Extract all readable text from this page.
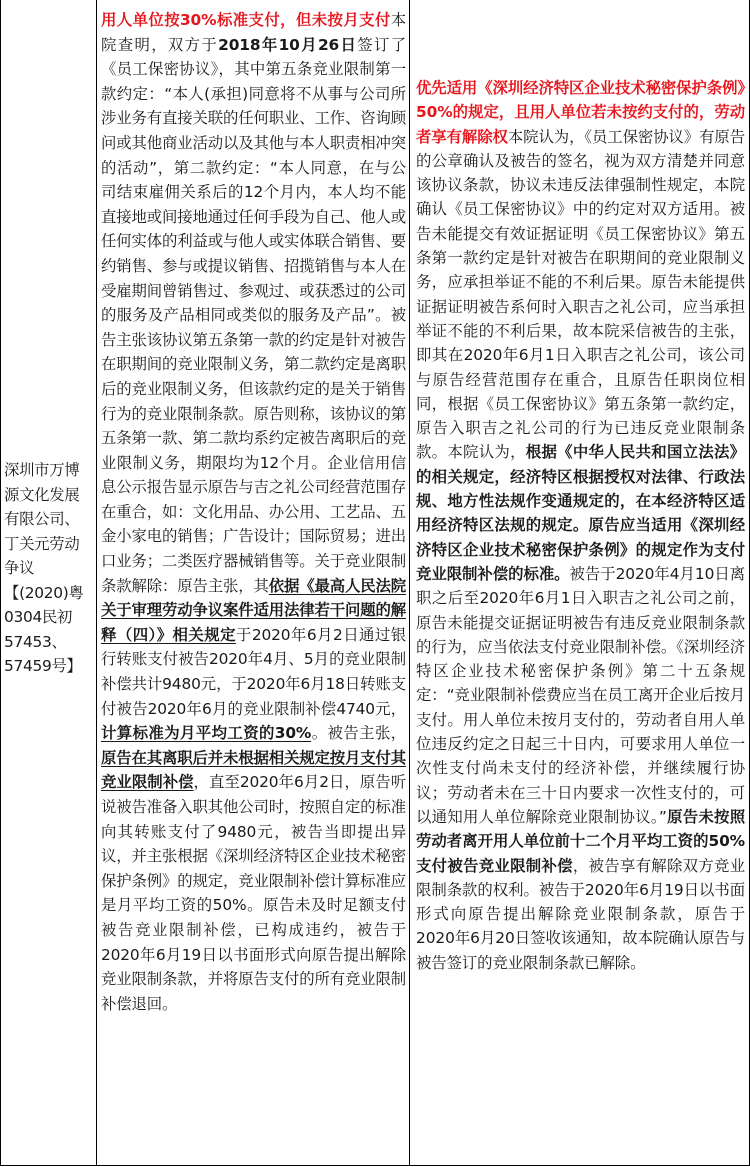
深圳市万博源文化发展有限公司、丁关元劳动争议【(2020)粤0304民初57453、57459号】
用人单位按30%标准支付，但未按月支付本院查明，双方于2018年10月26日签订了《员工保密协议》，其中第五条竞业限制第一款约定：“本人(承担)同意将不从事与公司所涉业务有直接关联的任何职业、工作、咨询顾问或其他商业活动以及其他与本人职责相冲突的活动”，第二款约定：“本人同意，在与公司结束雇佣关系后的12个月内，本人均不能直接地或间接地通过任何手段为自己、他人或任何实体的利益或与他人或实体联合销售、要约销售、参与或提议销售、招揽销售与本人在受雇期间曾销售过、参观过、或获悉过的公司的服务及产品相同或类似的服务及产品”。被告主张该协议第五条第一款的约定是针对被告在职期间的竞业限制义务，第二款约定是离职后的竞业限制义务，但该款约定的是关于销售行为的竞业限制条款。原告则称，该协议的第五条第一款、第二款均系约定被告离职后的竞业限制义务，期限均为12个月。企业信用信息公示报告显示原告与吉之礼公司经营范围存在重合，如：文化用品、办公用、工艺品、五金小家电的销售；广告设计；国际贸易；进出口业务；二类医疗器械销售等。关于竞业限制条款解除：原告主张，其依据《最高人民法院关于审理劳动争议案件适用法律若干问题的解释（四）》相关规定于2020年6月2日通过银行转账支付被告2020年4月、5月的竞业限制补偿共计9480元，于2020年6月18日转账支付被告2020年6月的竞业限制补偿4740元，计算标准为月平均工资的30%。被告主张，原告在其离职后并未根据相关规定按月支付其竞业限制补偿，直至2020年6月2日，原告听说被告准备入职其他公司时，按照自定的标准向其转账支付了9480元，被告当即提出异议，并主张根据《深圳经济特区企业技术秘密保护条例》的规定，竞业限制补偿计算标准应是月平均工资的50%。原告未及时足额支付被告竞业限制补偿，已构成违约，被告于2020年6月19日以书面形式向原告提出解除竞业限制条款，并将原告支付的所有竞业限制补偿退回。
优先适用《深圳经济特区企业技术秘密保护条例》50%的规定，且用人单位若未按约支付的，劳动者享有解除权本院认为，《员工保密协议》有原告的公章确认及被告的签名，视为双方清楚并同意该协议条款，协议未违反法律强制性规定，本院确认《员工保密协议》中的约定对双方适用。被告未能提交有效证据证明《员工保密协议》第五条第一款约定是针对被告在职期间的竞业限制义务，应承担举证不能的不利后果。原告未能提供证据证明被告系何时入职吉之礼公司，应当承担举证不能的不利后果，故本院采信被告的主张，即其在2020年6月1日入职吉之礼公司，该公司与原告经营范围存在重合，且原告任职岗位相同，根据《员工保密协议》第五条第一款约定，原告入职吉之礼公司的行为已违反竞业限制条款。本院认为，根据《中华人民共和国立法法》的相关规定，经济特区根据授权对法律、行政法规、地方性法规作变通规定的，在本经济特区适用经济特区法规的规定。原告应当适用《深圳经济特区企业技术秘密保护条例》的规定作为支付竞业限制补偿的标准。被告于2020年4月10日离职之后至2020年6月1日入职吉之礼公司之前，原告未能提交证据证明被告有违反竞业限制条款的行为，应当依法支付竞业限制补偿。《深圳经济特区企业技术秘密保护条例》第二十五条规定：“竞业限制补偿费应当在员工离开企业后按月支付。用人单位未按月支付的，劳动者自用人单位违反约定之日起三十日内，可要求用人单位一次性支付尚未支付的经济补偿，并继续履行协议；劳动者未在三十日内要求一次性支付的，可以通知用人单位解除竞业限制协议。”原告未按照劳动者离开用人单位前十二个月平均工资的50%支付被告竞业限制补偿，被告享有解除双方竞业限制条款的权利。被告于2020年6月19日以书面形式向原告提出解除竞业限制条款，原告于2020年6月20日签收该通知，故本院确认原告与被告签订的竞业限制条款已解除。
